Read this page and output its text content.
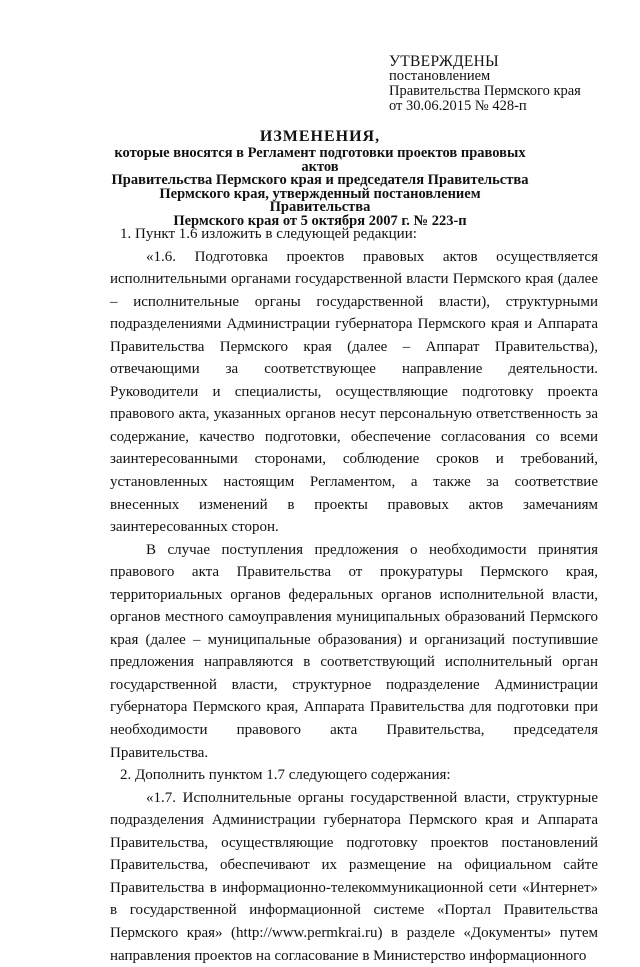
УТВЕРЖДЕНЫ
постановлением
Правительства Пермского края
от 30.06.2015 № 428-п
ИЗМЕНЕНИЯ,
которые вносятся в Регламент подготовки проектов правовых актов
Правительства Пермского края и председателя Правительства
Пермского края, утвержденный постановлением Правительства
Пермского края от 5 октября 2007 г. № 223-п

1. Пункт 1.6 изложить в следующей редакции:

«1.6. Подготовка проектов правовых актов осуществляется исполнительными органами государственной власти Пермского края (далее – исполнительные органы государственной власти), структурными подразделениями Администрации губернатора Пермского края и Аппарата Правительства Пермского края (далее – Аппарат Правительства), отвечающими за соответствующее направление деятельности. Руководители и специалисты, осуществляющие подготовку проекта правового акта, указанных органов несут персональную ответственность за содержание, качество подготовки, обеспечение согласования со всеми заинтересованными сторонами, соблюдение сроков и требований, установленных настоящим Регламентом, а также за соответствие внесенных изменений в проекты правовых актов замечаниям заинтересованных сторон.

В случае поступления предложения о необходимости принятия правового акта Правительства от прокуратуры Пермского края, территориальных органов федеральных органов исполнительной власти, органов местного самоуправления муниципальных образований Пермского края (далее – муниципальные образования) и организаций поступившие предложения направляются в соответствующий исполнительный орган государственной власти, структурное подразделение Администрации губернатора Пермского края, Аппарата Правительства для подготовки при необходимости правового акта Правительства, председателя Правительства.

2. Дополнить пунктом 1.7 следующего содержания:

«1.7. Исполнительные органы государственной власти, структурные подразделения Администрации губернатора Пермского края и Аппарата Правительства, осуществляющие подготовку проектов постановлений Правительства, обеспечивают их размещение на официальном сайте Правительства в информационно-телекоммуникационной сети «Интернет» в государственной информационной системе «Портал Правительства Пермского края» (http://www.permkrai.ru) в разделе «Документы» путем направления проектов на согласование в Министерство информационного
